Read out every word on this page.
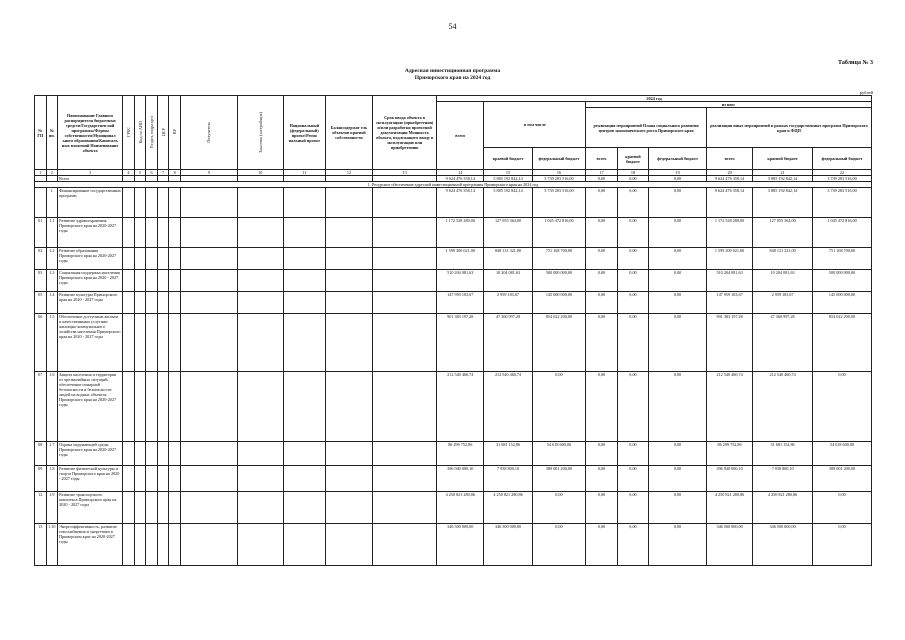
54
Таблица № 3
Адресная инвестиционная программа
Приморского края на 2024 год
рублей
№ ГП	№ пп.	Наименование Главного распорядителя бюджетных средств/Государствен ной программы/Формы собственности/Муниципал ьного образования/Капиталь ных вложений Наименование объекта	ГРБС	Код по АИП	Раздел, подраздел	ЦСР	ВР	Получатель	Заказчик (застройщик)	Национальный (федеральный) проект/Регио нальный проект	Балансодержат ель объектов краевой собственности	Срок ввода объекта в эксплуатацию (приобретения) и/или разработки проектной документации Мощность объекта, подлежащего вводу в эксплуатацию или приобретению	2024 год								
													всего	в том числе		из них:					
																реализация мероприятий Плана социального развития центров экономического роста Приморского края			реализация иных мероприятий в рамках государственных программ Приморского края и ФЦП		
														краевой бюджет	федеральный бюджет	всего	краевой бюджет	федеральный бюджет	всего	краевой бюджет	федеральный бюджет
1	2	3	4	5	6	7	8	9	10	11	12	13	14	15	16	17	18	19	20	21	22
		Всего											9 624 476 358,14	5 885 192 842,14	3 739 283 516,00	0,00	0,00	0,00	9 624 476 358,14	5 885 192 842,14	3 739 283 516,00
1. Ресурсное обеспечение адресной инвестиционной программы Приморского края на 2024 год																					
	1.	Финансирование государственных программ											9 624 476 358,14	5 885 192 842,14	3 739 283 516,00	0,00	0,00	0,00	9 624 476 358,14	5 885 192 842,14	3 739 283 516,00
01	1.1	Развитие здравоохранения Приморского края на 2020-2027 годы											1 172 528 280,00	127 055 364,00	1 045 472 816,00	0,00	0,00	0,00	1 172 528 280,00	127 055 364,00	1 045 472 816,00
02	1.2	Развитие образования Приморского края на 2020-2027 годы											1 599 300 021,00	848 131 321,00	751 168 700,00	0,00	0,00	0,00	1 599 300 021,00	848 131 321,00	751 168 700,00
03	1.3	Социальная поддержка населения Приморского края на 2020 - 2027 годы											510 204 081,63	10 204 081,63	500 000 000,00	0,00	0,00	0,00	510 204 081,63	10 204 081,63	500 000 000,00
05	1.4	Развитие культуры Приморского края на 2020 - 2027 годы											147 959 183,67	2 959 183,67	145 000 000,00	0,00	0,00	0,00	147 959 183,67	2 959 183,67	145 000 000,00
06	1.5	Обеспечение доступным жильем и качественными услугами жилищно-коммунального хозяйства населения Приморского края на 2020 - 2027 годы											901 383 197,28	47 360 997,28	854 022 200,00	0,00	0,00	0,00	901 383 197,28	47 360 997,28	854 022 200,00
07	1.6	Защита населения и территории от чрезвычайных ситуаций, обеспечение пожарной безопасности и безопасности людей на водных объектах Приморского края на 2020-2027 годы											212 540 460,74	212 540 460,74	0,00	0,00	0,00	0,00	212 540 460,74	212 540 460,74	0,00
08	1.7	Охрана окружающей среды Приморского края на 2020-2027 годы											86 299 752,86	31 681 152,86	54 618 600,00	0,00	0,00	0,00	86 299 752,86	31 681 152,86	54 618 600,00
09	1.8	Развитие физической культуры и спорта Приморского края на 2020 - 2027 годы											396 940 000,10	7 938 800,10	389 001 200,00	0,00	0,00	0,00	396 940 000,10	7 938 800,10	389 001 200,00
12	1.9	Развитие транспортного комплекса Приморского края на 2020 - 2027 годы											4 250 821 280,86	4 250 821 280,86	0,00	0,00	0,00	0,00	4 250 821 280,86	4 250 821 280,86	0,00
13	1.10	Энергоэффективность, развитие газоснабжения и энергетики в Приморском крае на 2020-2027 годы											346 500 000,00	346 500 000,00	0,00	0,00	0,00	0,00	346 500 000,00	346 500 000,00	0,00
